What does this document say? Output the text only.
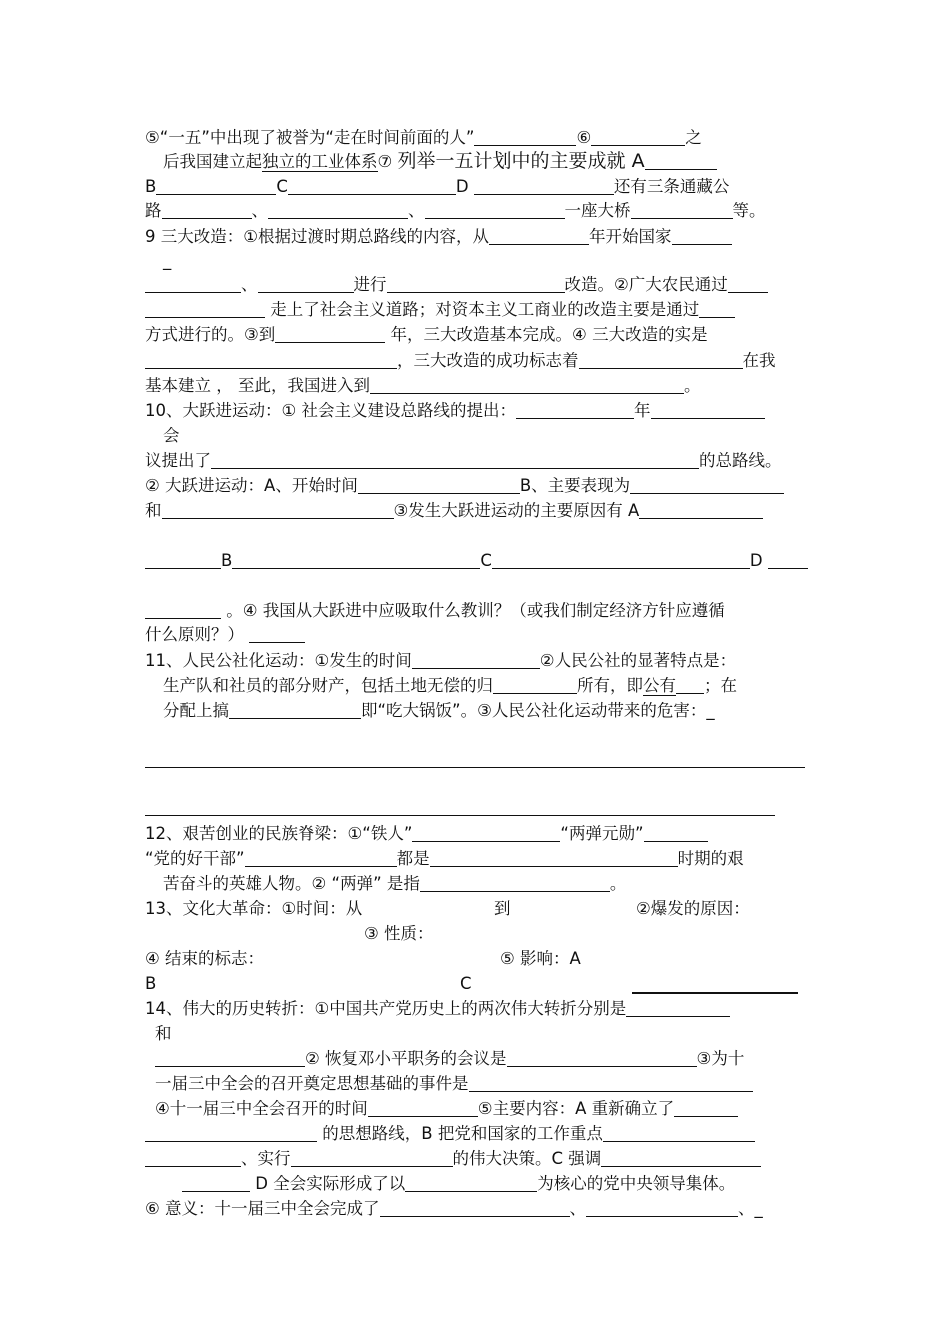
⑤“一五”中出现了被誉为“走在时间前面的人”	⑥	之
后我国建立起独立的工业体系⑦ 列举一五计划中的主要成就 A
B	C	D	还有三条通藏公
路	、	、	一座大桥	等。
9 三大改造：①根据过渡时期总路线的内容，从	年开始国家
_
、	进行	改造。②广大农民通过
走上了社会主义道路；对资本主义工商业的改造主要是通过
方式进行的。③到	年，三大改造基本完成。④ 三大改造的实是
，三大改造的成功标志着	在我
基本建立 ， 至此，我国进入到	。
10、大跃进运动：① 社会主义建设总路线的提出：	年
会
议提出了	的总路线。
② 大跃进运动：A、开始时间	B、主要表现为
和	③发生大跃进运动的主要原因有 A
B	C	D
。④ 我国从大跃进中应吸取什么教训？（或我们制定经济方针应遵循
什么原则？）
11、人民公社化运动：①发生的时间	②人民公社的显著特点是：
生产队和社员的部分财产，包括土地无偿的归	所有，即公有 ；在
分配上搞	即“吃大锅饭”。③人民公社化运动带来的危害：_
12、艰苦创业的民族脊梁：①“铁人”	“两弹元勋”
“党的好干部”	都是	时期的艰
苦奋斗的英雄人物。② “两弹” 是指	。
13、文化大革命：①时间：从	到	②爆发的原因：
③ 性质：
④ 结束的标志：	⑤ 影响：A
B	C
14、伟大的历史转折：①中国共产党历史上的两次伟大转折分别是
和
② 恢复邓小平职务的会议是	③为十
一届三中全会的召开奠定思想基础的事件是
④十一届三中全会召开的时间	⑤主要内容：A 重新确立了
的思想路线，B 把党和国家的工作重点
、实行	的伟大决策。C 强调
D 全会实际形成了以	为核心的党中央领导集体。
⑥ 意义：十一届三中全会完成了	、	、_
